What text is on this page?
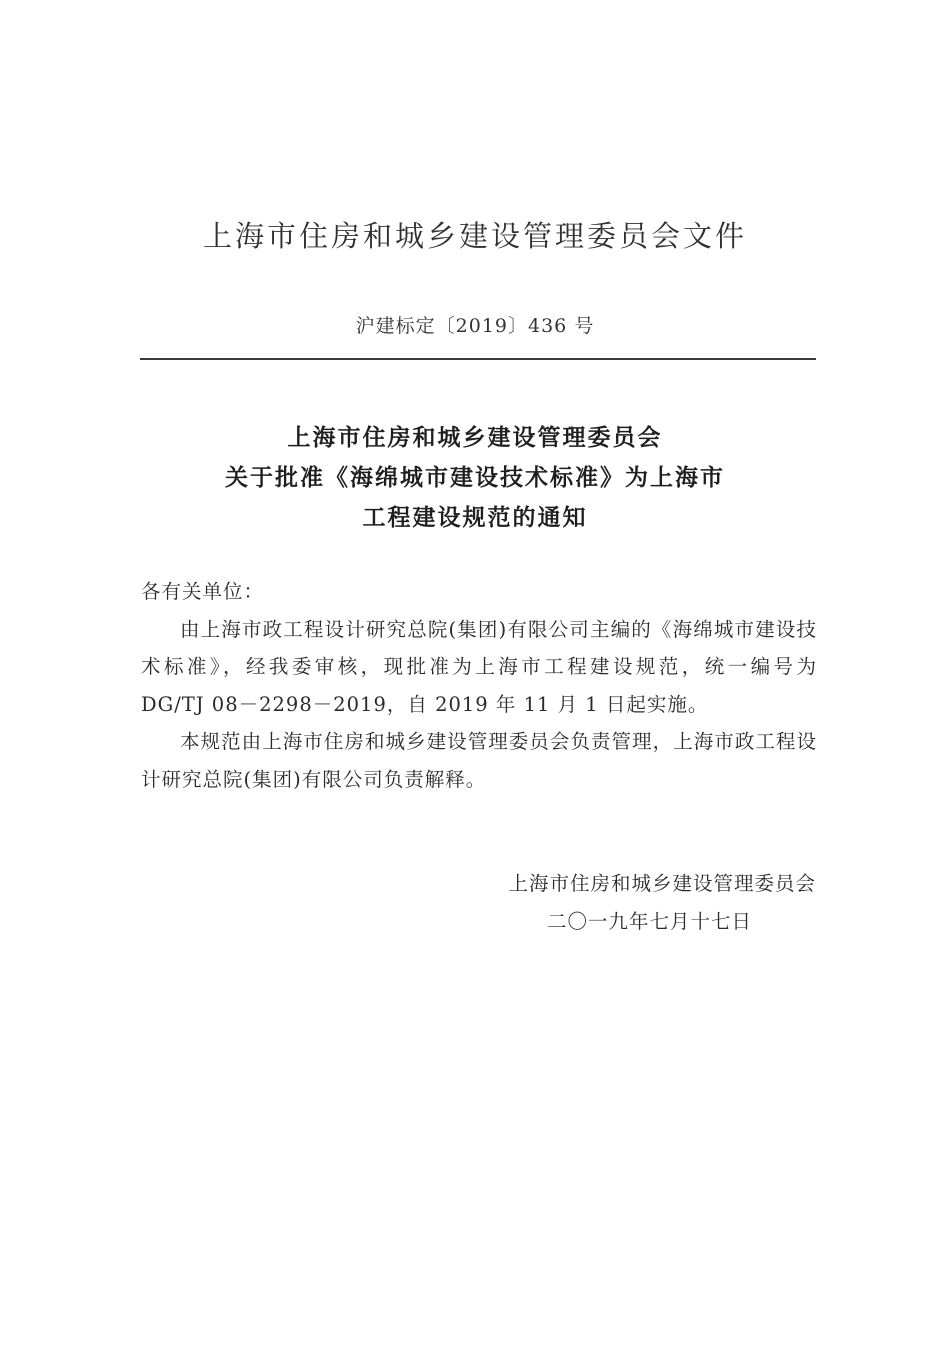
上海市住房和城乡建设管理委员会文件
沪建标定〔2019〕436 号
上海市住房和城乡建设管理委员会
关于批准《海绵城市建设技术标准》为上海市
工程建设规范的通知
各有关单位：
由上海市政工程设计研究总院(集团)有限公司主编的《海绵城市建设技术标准》，经我委审核，现批准为上海市工程建设规范，统一编号为 DG/TJ 08－2298－2019，自 2019 年 11 月 1 日起实施。
本规范由上海市住房和城乡建设管理委员会负责管理，上海市政工程设计研究总院(集团)有限公司负责解释。
上海市住房和城乡建设管理委员会
二〇一九年七月十七日
